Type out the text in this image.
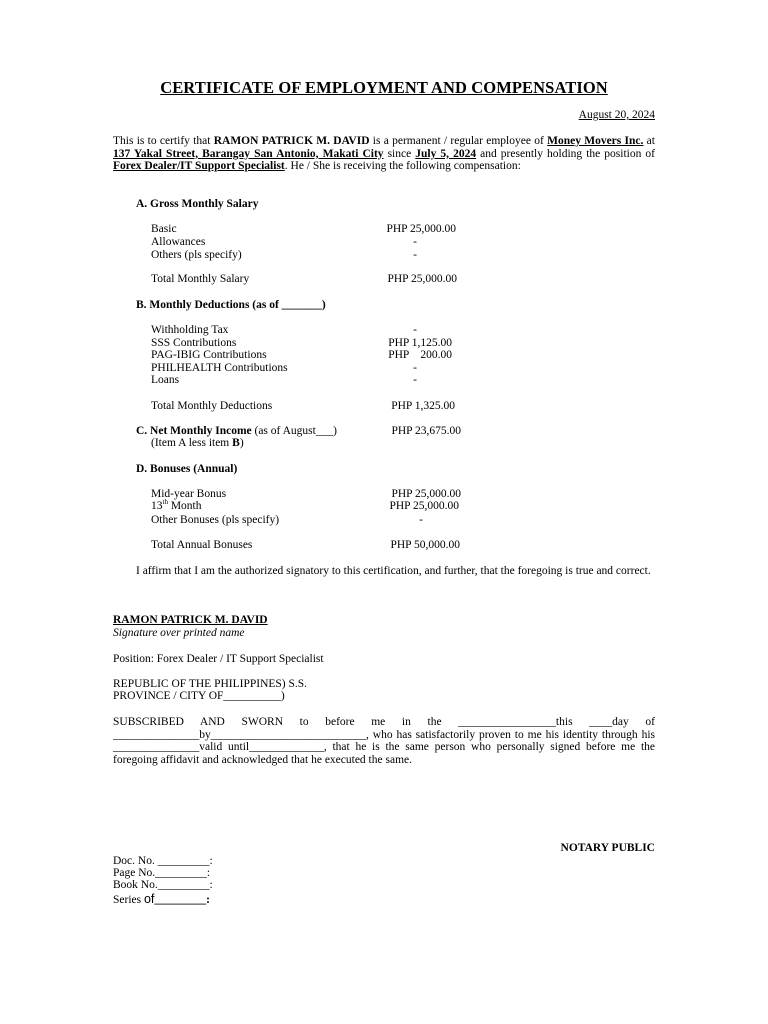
CERTIFICATE OF EMPLOYMENT AND COMPENSATION
August 20, 2024
This is to certify that RAMON PATRICK M. DAVID is a permanent / regular employee of Money Movers Inc. at 137 Yakal Street, Barangay San Antonio, Makati City since July 5, 2024 and presently holding the position of Forex Dealer/IT Support Specialist. He / She is receiving the following compensation:
A. Gross Monthly Salary
Basic	PHP 25,000.00
Allowances	-
Others (pls specify)	-
Total Monthly Salary	PHP 25,000.00
B. Monthly Deductions (as of _______)
Withholding Tax	-
SSS Contributions	PHP 1,125.00
PAG-IBIG Contributions	PHP    200.00
PHILHEALTH Contributions	-
Loans	-
Total Monthly Deductions	PHP 1,325.00
C. Net Monthly Income (as of August___)	PHP 23,675.00
(Item A less item B)
D. Bonuses (Annual)
Mid-year Bonus	PHP 25,000.00
13th Month	PHP 25,000.00
Other Bonuses (pls specify)	-
Total Annual Bonuses	PHP 50,000.00
I affirm that I am the authorized signatory to this certification, and further, that the foregoing is true and correct.
RAMON PATRICK M. DAVID
Signature over printed name
Position: Forex Dealer / IT Support Specialist
REPUBLIC OF THE PHILIPPINES) S.S.
PROVINCE / CITY OF__________)
SUBSCRIBED AND SWORN to before me in the _________________this ____day of _______________by___________________________, who has satisfactorily proven to me his identity through his _______________valid until_____________, that he is the same person who personally signed before me the foregoing affidavit and acknowledged that he executed the same.
NOTARY PUBLIC
Doc. No. _________:
Page No._________:
Book No._________:
Series of_________:
